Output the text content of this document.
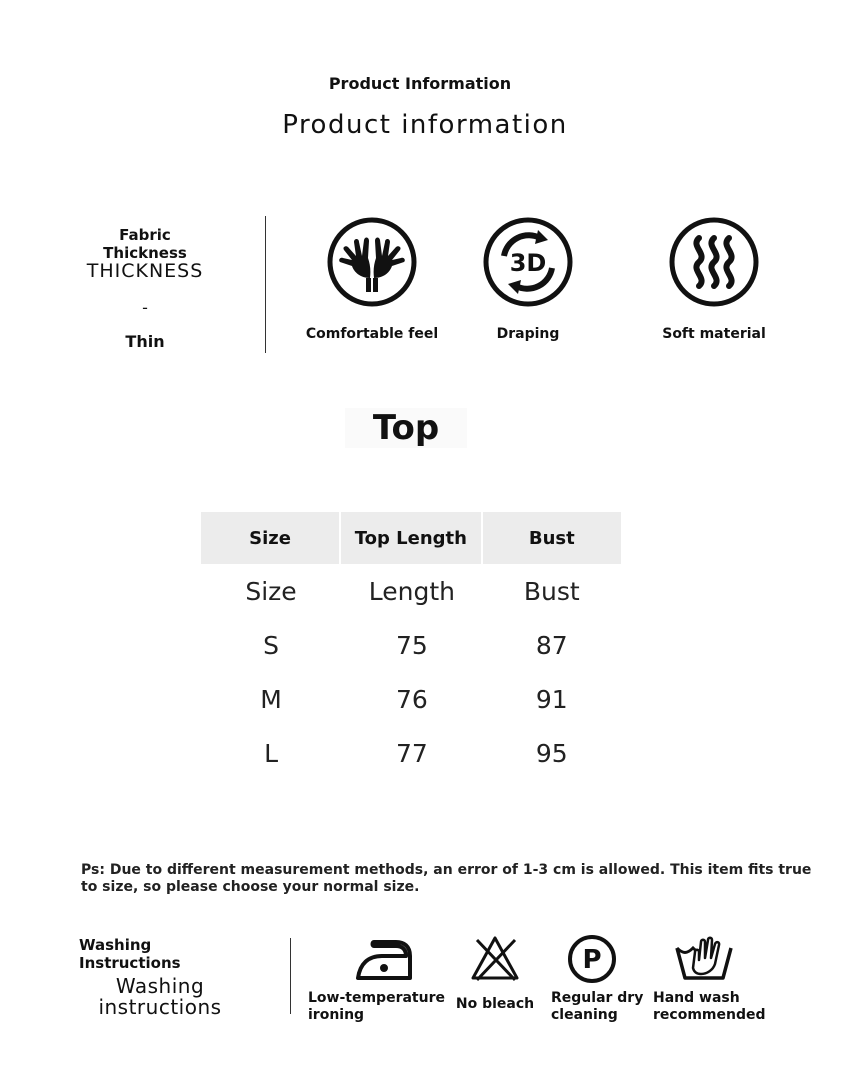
Product Information
Product information
Fabric Thickness
THICKNESS
-
Thin	Comfortable feel
3D
Draping	Soft material
Top
Size	Top Length	Bust
Size	Length	Bust
S	75	87
M	76	91
L	77	95
Ps: Due to different measurement methods, an error of 1-3 cm is allowed. This item fits true to size, so please choose your normal size.
Washing Instructions
Washing
instructions	Low-temperature
ironing
No bleach
P
Regular dry
cleaning
Hand wash
recommended
